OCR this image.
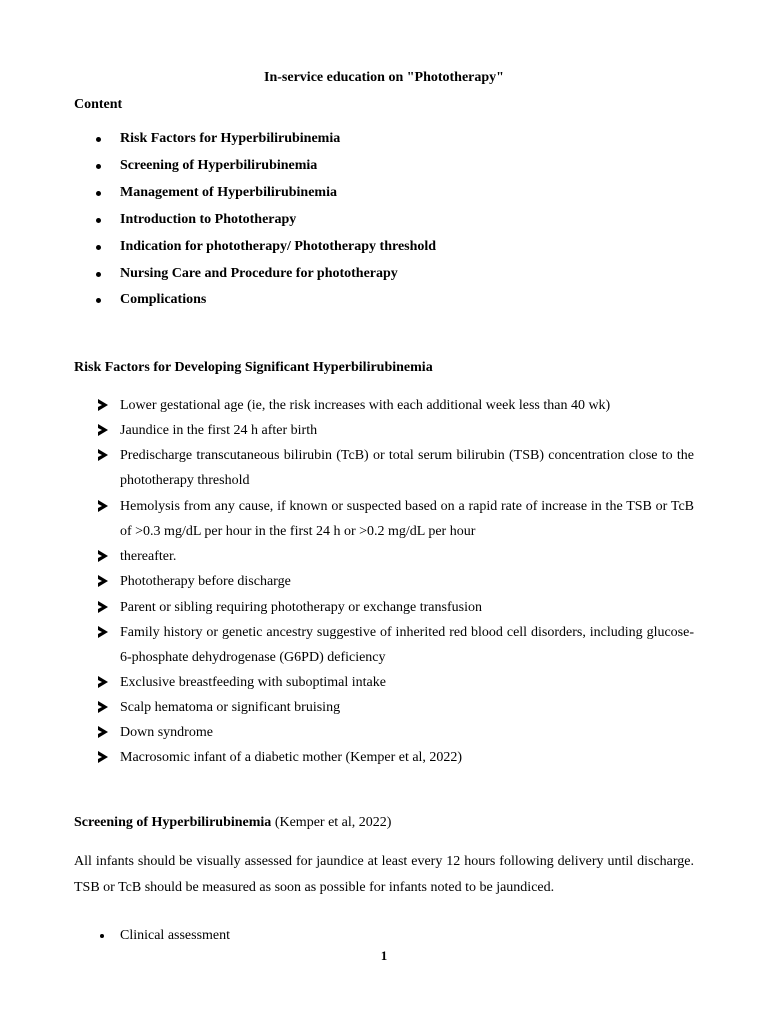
In-service education on "Phototherapy"
Content
Risk Factors for Hyperbilirubinemia
Screening of Hyperbilirubinemia
Management of Hyperbilirubinemia
Introduction to Phototherapy
Indication for phototherapy/ Phototherapy threshold
Nursing Care and Procedure for phototherapy
Complications
Risk Factors for Developing Significant Hyperbilirubinemia
Lower gestational age (ie, the risk increases with each additional week less than 40 wk)
Jaundice in the first 24 h after birth
Predischarge transcutaneous bilirubin (TcB) or total serum bilirubin (TSB) concentration close to the phototherapy threshold
Hemolysis from any cause, if known or suspected based on a rapid rate of increase in the TSB or TcB of >0.3 mg/dL per hour in the first 24 h or >0.2 mg/dL per hour
thereafter.
Phototherapy before discharge
Parent or sibling requiring phototherapy or exchange transfusion
Family history or genetic ancestry suggestive of inherited red blood cell disorders, including glucose-6-phosphate dehydrogenase (G6PD) deficiency
Exclusive breastfeeding with suboptimal intake
Scalp hematoma or significant bruising
Down syndrome
Macrosomic infant of a diabetic mother (Kemper et al, 2022)
Screening of Hyperbilirubinemia (Kemper et al, 2022)
All infants should be visually assessed for jaundice at least every 12 hours following delivery until discharge. TSB or TcB should be measured as soon as possible for infants noted to be jaundiced.
Clinical assessment
1
